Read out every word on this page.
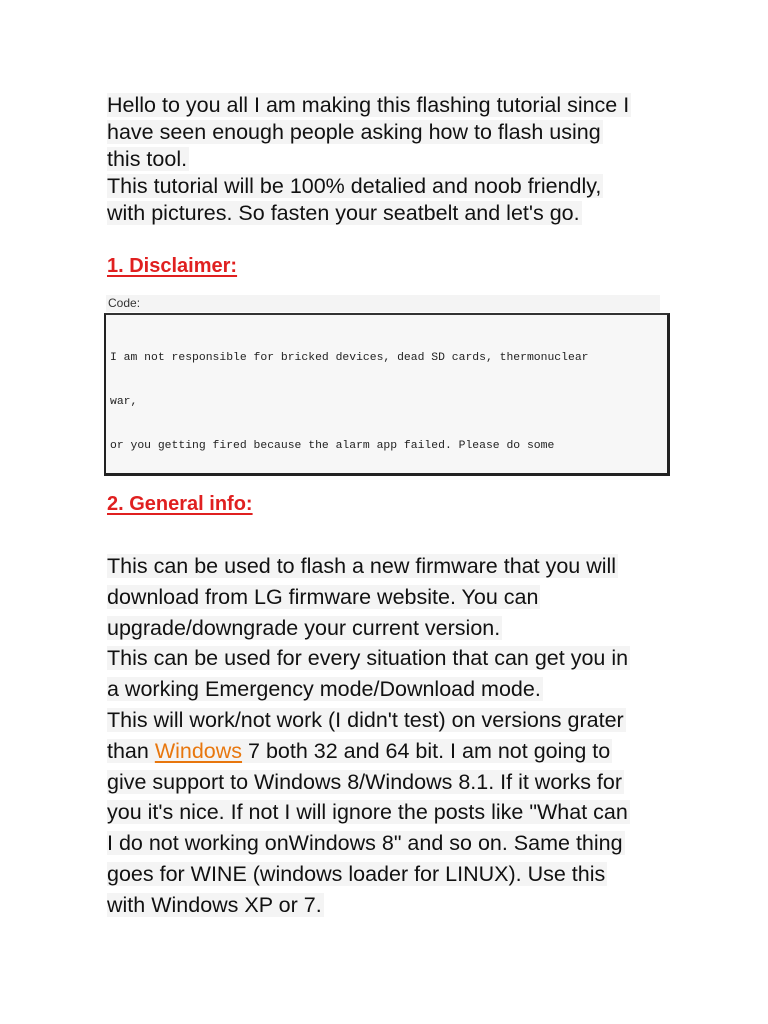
Hello to you all I am making this flashing tutorial since I
have seen enough people asking how to flash using
this tool.
This tutorial will be 100% detalied and noob friendly,
with pictures. So fasten your seatbelt and let's go.
1. Disclaimer:
Code:

I am not responsible for bricked devices, dead SD cards, thermonuclear

war,

or you getting fired because the alarm app failed. Please do some

2. General info:
This can be used to flash a new firmware that you will
download from LG firmware website. You can
upgrade/downgrade your current version.
This can be used for every situation that can get you in
a working Emergency mode/Download mode.
This will work/not work (I didn't test) on versions grater
than Windows 7 both 32 and 64 bit. I am not going to
give support to Windows 8/Windows 8.1. If it works for
you it's nice. If not I will ignore the posts like "What can
I do not working onWindows 8" and so on. Same thing
goes for WINE (windows loader for LINUX). Use this
with Windows XP or 7.
